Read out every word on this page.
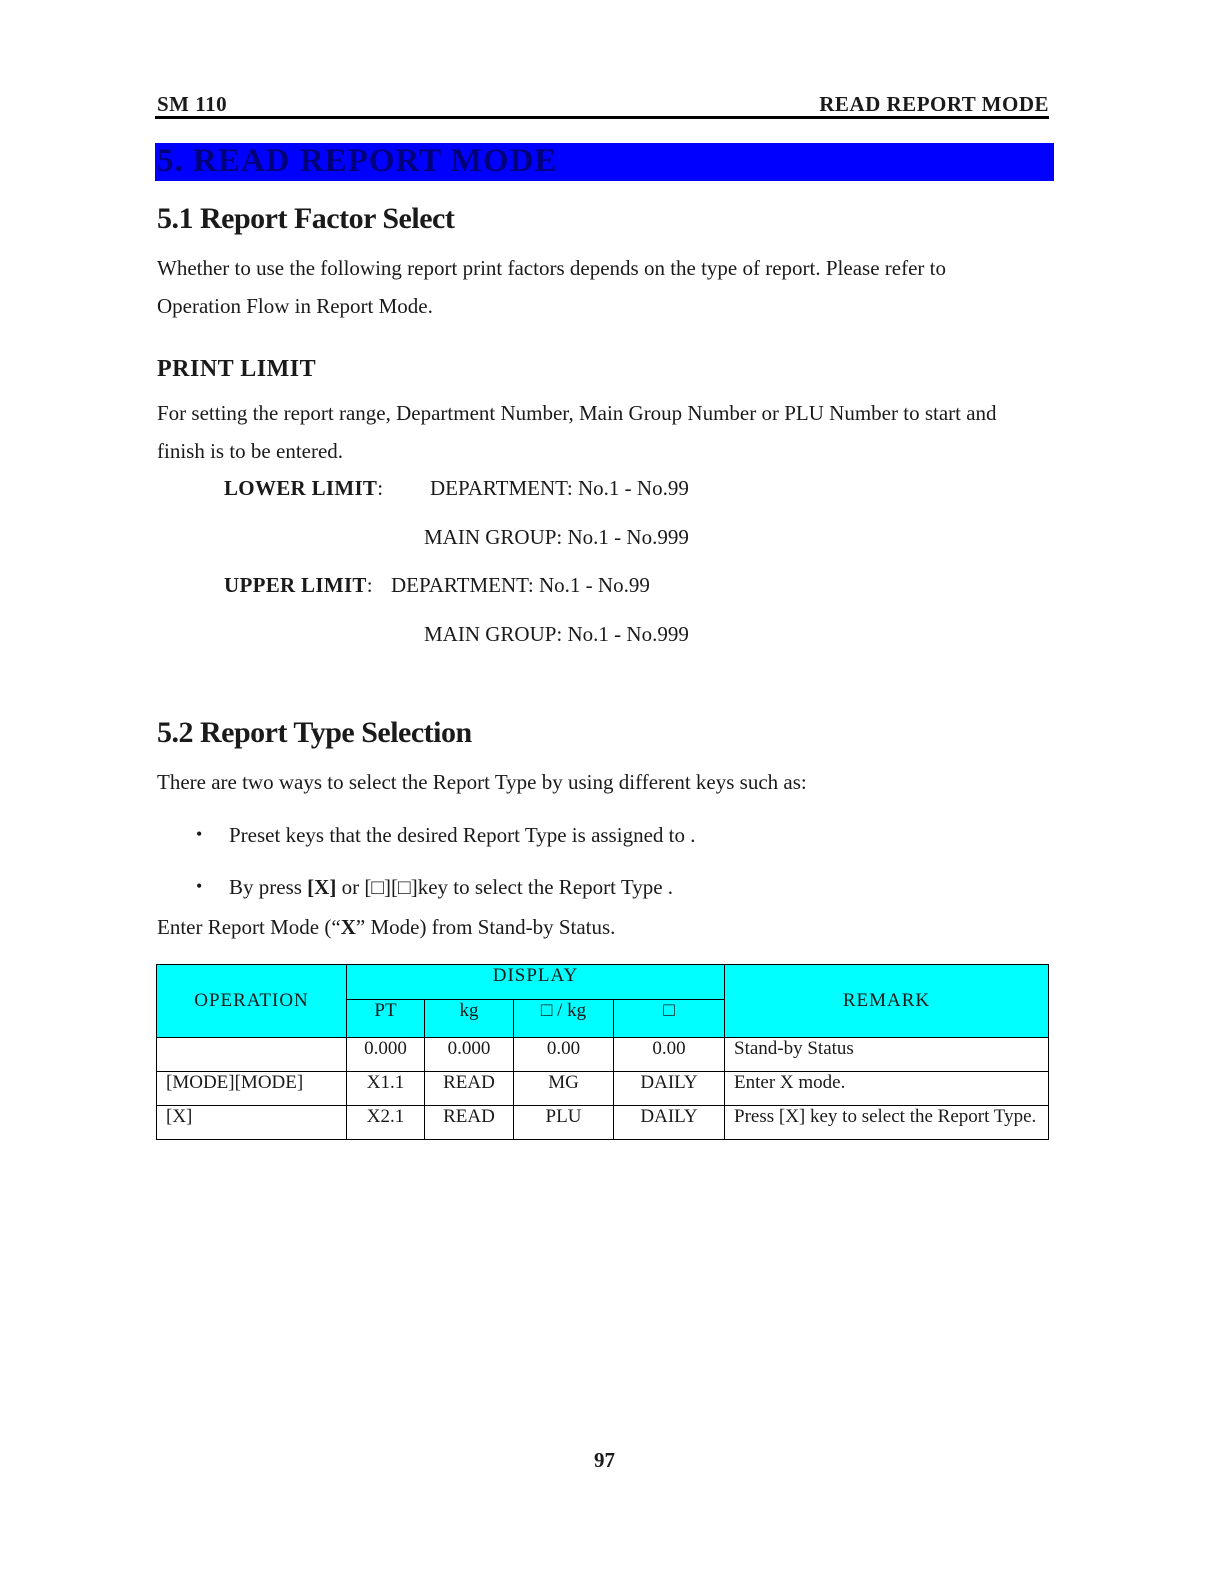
SM 110	READ REPORT MODE
5. READ REPORT MODE
5.1 Report Factor Select
Whether to use the following report print factors depends on the type of report. Please refer to
Operation Flow in Report Mode.
PRINT LIMIT
For setting the report range, Department Number, Main Group Number or PLU Number to start and
finish is to be entered.
LOWER LIMIT: DEPARTMENT: No.1 - No.99
MAIN GROUP: No.1 - No.999
UPPER LIMIT: DEPARTMENT: No.1 - No.99
MAIN GROUP: No.1 - No.999
5.2 Report Type Selection
There are two ways to select the Report Type by using different keys such as:
• Preset keys that the desired Report Type is assigned to .
• By press [X] or [□][□]key to select the Report Type .
Enter Report Mode (“X” Mode) from Stand-by Status.
OPERATION	DISPLAY				REMARK
	PT	kg	□ / kg	□	
	0.000	0.000	0.00	0.00	Stand-by Status
[MODE][MODE]	X1.1	READ	MG	DAILY	Enter X mode.
[X]	X2.1	READ	PLU	DAILY	Press [X] key to select the Report Type.
97
